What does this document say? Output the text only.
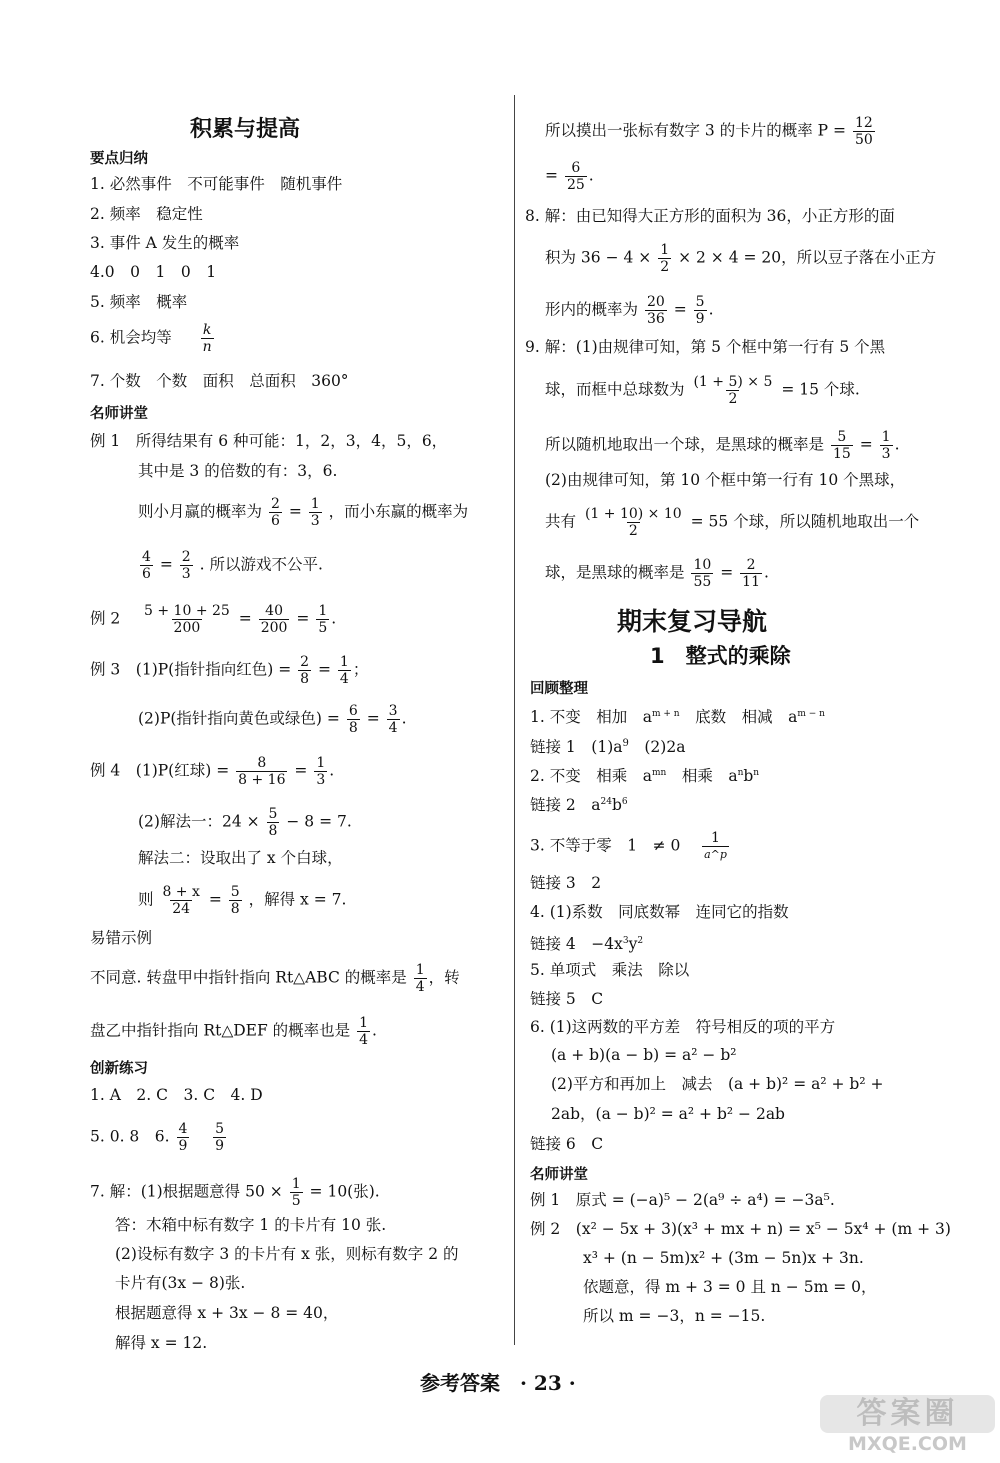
积累与提高
要点归纳
1. 必然事件　不可能事件　随机事件
2. 频率　稳定性
3. 事件 A 发生的概率
4.0　0　1　0　1
5. 频率　概率
6. 机会均等 $\frac{k}{n}$
7. 个数　个数　面积　总面积　360°
名师讲堂
例 1　所得结果有 6 种可能：1，2，3，4，5，6，
其中是 3 的倍数的有：3，6.
则小月赢的概率为 $\frac{2}{6} = \frac{1}{3}$ ，而小东赢的概率为
$\frac{4}{6} = \frac{2}{3}$ . 所以游戏不公平.
例 $2 \frac{5 + 10 + 25}{200} = \frac{40}{200} = \frac{1}{5}$ .
例 3　(1)P(指针指向红色) = $\frac{2}{8} = \frac{1}{4}$ ；
(2)P(指针指向黄色或绿色) = $\frac{6}{8} = \frac{3}{4}$ .
例 4　(1)P(红球) = $\frac{8}{8 + 16} = \frac{1}{3}$ .
(2)解法一：$24 \times \frac{5}{8} - 8 = 7$.
解法二：设取出了 x 个白球，
则 $\frac{8 + x}{24} = \frac{5}{8}$ ，解得 x = 7.
易错示例
不同意. 转盘甲中指针指向 Rt△ABC 的概率是 $\frac{1}{4}$ ，转
盘乙中指针指向 Rt△DEF 的概率也是 $\frac{1}{4}$ .
创新练习
1. A　2. C　3. C　4. D
5. 0. 8　6. $\frac{4}{9}$
$\frac{5}{9}$
7. 解：(1)根据题意得 $50 \times \frac{1}{5} = 10$(张).
答：木箱中标有数字 1 的卡片有 10 张.
(2)设标有数字 3 的卡片有 x 张，则标有数字 2 的
卡片有(3x − 8)张.
根据题意得 x + 3x − 8 = 40，
解得 x = 12.
所以摸出一张标有数字 3 的卡片的概率 $P = \frac{12}{50}$
= $\frac{6}{25}$ .
8. 解：由已知得大正方形的面积为 36，小正方形的面
积为 $36 - 4 \times \frac{1}{2} \times 2 \times 4 = 20$，所以豆子落在小正方
形内的概率为 $\frac{20}{36} = \frac{5}{9}$ .
9. 解：(1)由规律可知，第 5 个框中第一行有 5 个黑
球，而框中总球数为 $\frac{(1 + 5) \times 5}{2} = 15$ 个球.
所以随机地取出一个球，是黑球的概率是 $\frac{5}{15} = \frac{1}{3}$ .
(2)由规律可知，第 10 个框中第一行有 10 个黑球，
共有 $\frac{(1 + 10) \times 10}{2} = 55$ 个球，所以随机地取出一个
球，是黑球的概率是 $\frac{10}{55} = \frac{2}{11}$ .
期末复习导航
1　整式的乘除
回顾整理
1. 不变　相加　$a^{m + n}$　底数　相减　$a^{m - n}$
链接 1　$(1)a^9$　(2)2a
2. 不变　相乘　$a^{mn}$　相乘　$a^nb^n$
链接 2　$a^{24}b^6$
3. 不等于零　1　≠ 0 1
a^p
链接 3　2
4. (1)系数　同底数幂　连同它的指数
链接 4　$-4x^3y^2$
5. 单项式　乘法　除以
链接 5　C
6. (1)这两数的平方差　符号相反的项的平方
(a + b)(a − b) = a² − b²
(2)平方和再加上　减去　(a + b)² = a² + b² +
2ab，(a − b)² = a² + b² − 2ab
链接 6　C
名师讲堂
例 1　原式 = (−a)⁵ − 2(a⁹ ÷ a⁴) = −3a⁵.
例 2　(x² − 5x + 3)(x³ + mx + n) = x⁵ − 5x⁴ + (m + 3)
x³ + (n − 5m)x² + (3m − 5n)x + 3n.
依题意，得 m + 3 = 0 且 n − 5m = 0，
所以 m = −3，n = −15.
参考答案　· 23 ·
答案圈
MXQE.COM
